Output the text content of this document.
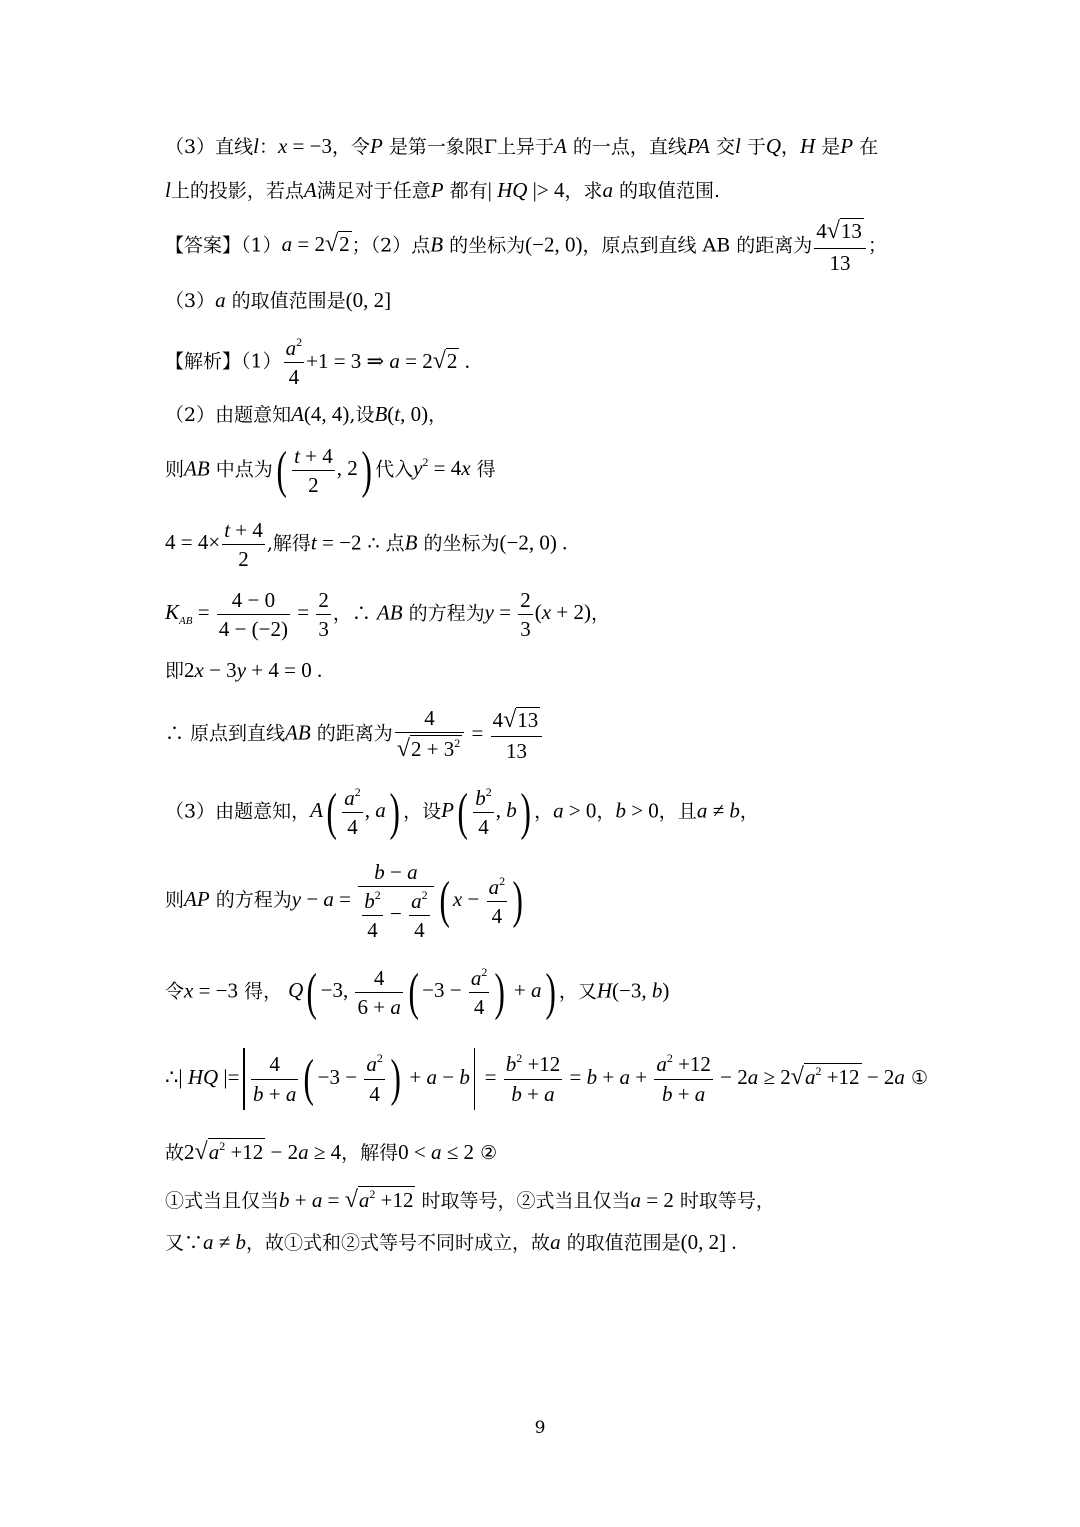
（3）直线l：x = −3，令P 是第一象限Γ上异于A 的一点，直线PA 交l 于Q，H 是P 在
l上的投影，若点A满足对于任意P 都有| HQ |> 4，求a 的取值范围.
【答案】（1）a = 2√2 ；（2）点B 的坐标为(−2, 0)，原点到直线 AB 的距离为 $\frac{4√13}{13}$ ；
（3）a 的取值范围是(0, 2]
【解析】$(1) \frac{a^2}{4} +1 = 3$ ⇒ a = 2√2 .
（2）由题意知A(4, 4),设B(t, 0)，
则AB 中点为( $\frac{t + 4}{2}$ , 2) 代入$y^2 = 4x$ 得
$4 = 4\times \frac{t + 4}{2}$ ,解得t = −2 ∴ 点B 的坐标为(−2, 0) .
$K_{AB} = \frac{4 - 0}{4 - (-2)} = \frac{2}{3}$ ，∴ AB 的方程为$y = \frac{2}{3} (x + 2)$，
即2x − 3y + 4 = 0 .
∴ 原点到直线AB 的距离为 $\frac{4}{√2 + 3^2} = \frac{4√13}{13}$
（3）由题意知，$A( \frac{a^2}{4}$ , a) ，设$P( \frac{b^2}{4}$ , b) ，a > 0，b > 0，且a ≠ b，
则AP 的方程为$y - a = \frac{b - a}{\frac{b^2}{4} - \frac{a^2}{4}}$ ( $x - \frac{a^2}{4}$ )
令x = −3 得， Q( −3, $\frac{4}{6 + a}$ ( $-3 - \frac{a^2}{4}$ ) + a) ，又H(−3, b)
∴| HQ |= $\frac{4}{b + a}$ ( $-3 - \frac{a^2}{4}$ ) + $a - b = \frac{b^2 +12}{b + a} = b + a + \frac{a^2 +12}{b + a} - 2a \ge 2√a^2 +12 - 2a$ ①
故$2√a^2 +12 - 2a \ge 4$，解得0 < a ≤ 2 ②
①式当且仅当$b + a = √a^2 +12$ 时取等号，②式当且仅当a = 2 时取等号，
又∵a ≠ b，故①式和②式等号不同时成立，故a 的取值范围是(0, 2] .
9
